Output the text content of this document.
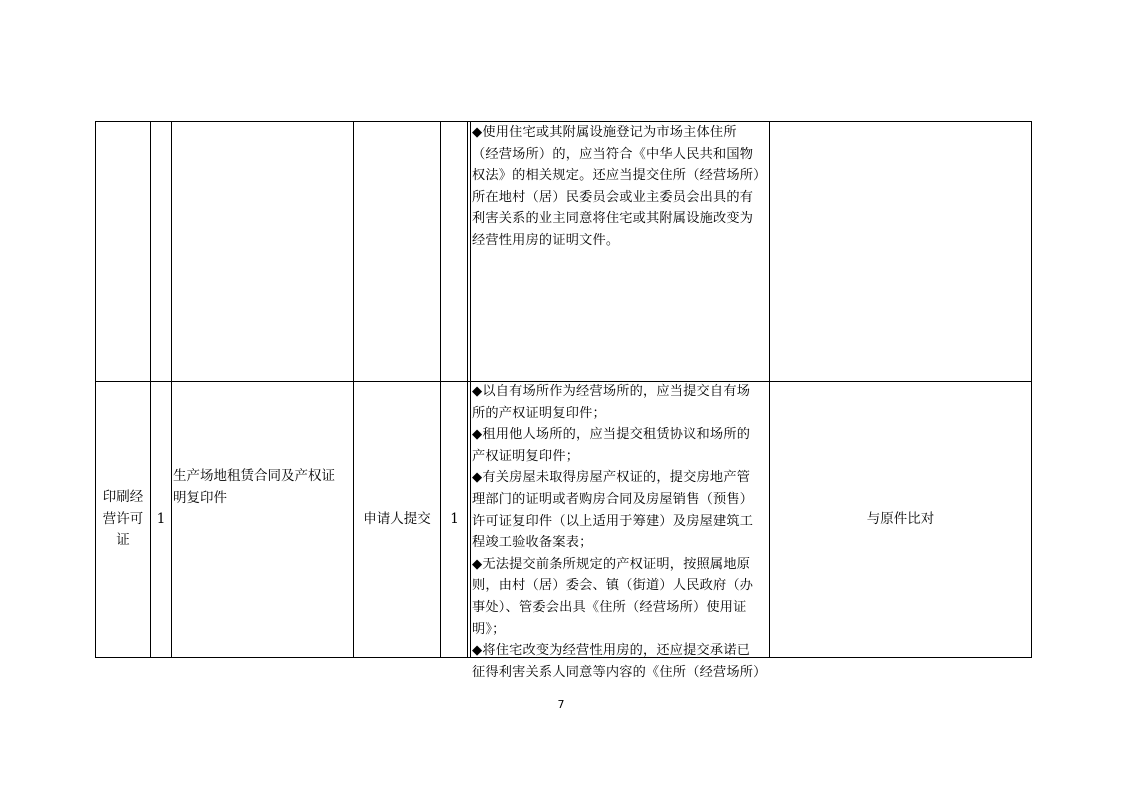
◆使用住宅或其附属设施登记为市场主体住所
（经营场所）的，应当符合《中华人民共和国物
权法》的相关规定。还应当提交住所（经营场所）
所在地村（居）民委员会或业主委员会出具的有
利害关系的业主同意将住宅或其附属设施改变为
经营性用房的证明文件。
印刷经
营许可
证
1
生产场地租赁合同及产权证
明复印件
申请人提交	1
◆以自有场所作为经营场所的，应当提交自有场
所的产权证明复印件；
◆租用他人场所的，应当提交租赁协议和场所的
产权证明复印件；
◆有关房屋未取得房屋产权证的，提交房地产管
理部门的证明或者购房合同及房屋销售（预售）
许可证复印件（以上适用于筹建）及房屋建筑工
程竣工验收备案表；
◆无法提交前条所规定的产权证明，按照属地原
则，由村（居）委会、镇（街道）人民政府（办
事处）、管委会出具《住所（经营场所）使用证明》；
◆将住宅改变为经营性用房的，还应提交承诺已
征得利害关系人同意等内容的《住所（经营场所）
与原件比对
7
